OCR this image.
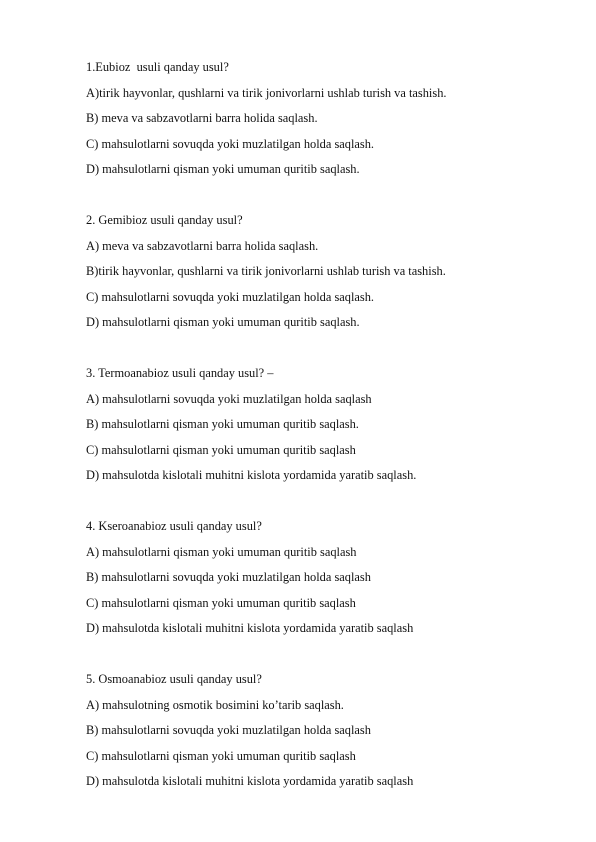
1.Eubioz  usuli qanday usul?
A)tirik hayvonlar, qushlarni va tirik jonivorlarni ushlab turish va tashish.
B) meva va sabzavotlarni barra holida saqlash.
C) mahsulotlarni sovuqda yoki muzlatilgan holda saqlash.
D) mahsulotlarni qisman yoki umuman quritib saqlash.
2. Gemibioz usuli qanday usul?
A) meva va sabzavotlarni barra holida saqlash.
B)tirik hayvonlar, qushlarni va tirik jonivorlarni ushlab turish va tashish.
C) mahsulotlarni sovuqda yoki muzlatilgan holda saqlash.
D) mahsulotlarni qisman yoki umuman quritib saqlash.
3. Termoanabioz usuli qanday usul? –
A) mahsulotlarni sovuqda yoki muzlatilgan holda saqlash
B) mahsulotlarni qisman yoki umuman quritib saqlash.
C) mahsulotlarni qisman yoki umuman quritib saqlash
D) mahsulotda kislotali muhitni kislota yordamida yaratib saqlash.
4. Kseroanabioz usuli qanday usul?
A) mahsulotlarni qisman yoki umuman quritib saqlash
B) mahsulotlarni sovuqda yoki muzlatilgan holda saqlash
C) mahsulotlarni qisman yoki umuman quritib saqlash
D) mahsulotda kislotali muhitni kislota yordamida yaratib saqlash
5. Osmoanabioz usuli qanday usul?
A) mahsulotning osmotik bosimini ko’tarib saqlash.
B) mahsulotlarni sovuqda yoki muzlatilgan holda saqlash
C) mahsulotlarni qisman yoki umuman quritib saqlash
D) mahsulotda kislotali muhitni kislota yordamida yaratib saqlash
